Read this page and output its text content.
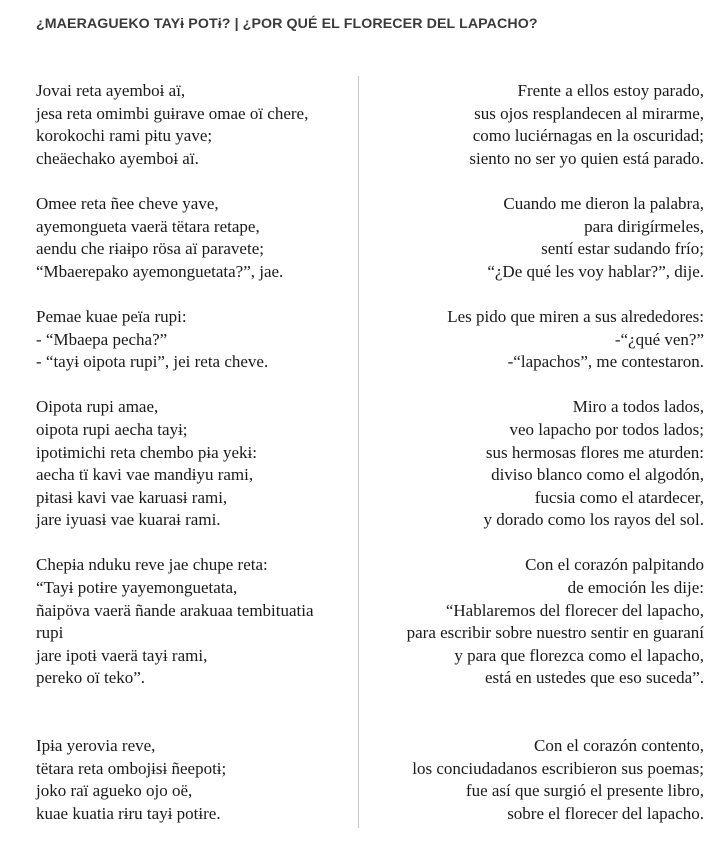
¿MAERAGUEKO TAYɨ POTɨ? | ¿POR QUÉ EL FLORECER DEL LAPACHO?
Jovai reta ayemboɨ aï,
jesa reta omimbi guɨrave omae oï chere,
korokochi rami pɨtu yave;
cheäechako ayemboɨ aï.
Omee reta ñee cheve yave,
ayemongueta vaerä tëtara retape,
aendu che rɨaɨpo rösa aï paravete;
“Mbaerepako ayemonguetata?”, jae.
Pemae kuae peïa rupi:
- “Mbaepa pecha?”
- “tayɨ oipota rupi”, jei reta cheve.
Oipota rupi amae,
oipota rupi aecha tayɨ;
ipotɨmichi reta chembo pɨa yekɨ:
aecha tï kavi vae mandɨyu rami,
pɨtasɨ kavi vae karuasɨ rami,
jare iyuasɨ vae kuaraɨ rami.
Chepɨa nduku reve jae chupe reta:
“Tayɨ potɨre yayemonguetata,
ñaipöva vaerä ñande arakuaa tembituatia
rupi
jare ipotɨ vaerä tayɨ rami,
pereko oï teko”.
Ipɨa yerovia reve,
tëtara reta ombojɨsɨ ñeepotɨ;
joko raï agueko ojo oë,
kuae kuatia rɨru tayɨ potɨre.
Frente a ellos estoy parado,
sus ojos resplandecen al mirarme,
como luciérnagas en la oscuridad;
siento no ser yo quien está parado.
Cuando me dieron la palabra,
para dirigírmeles,
sentí estar sudando frío;
“¿De qué les voy hablar?”, dije.
Les pido que miren a sus alrededores:
-“¿qué ven?”
-“lapachos”, me contestaron.
Miro a todos lados,
veo lapacho por todos lados;
sus hermosas flores me aturden:
diviso blanco como el algodón,
fucsia como el atardecer,
y dorado como los rayos del sol.
Con el corazón palpitando
de emoción les dije:
“Hablaremos del florecer del lapacho,
para escribir sobre nuestro sentir en guaraní
y para que florezca como el lapacho,
está en ustedes que eso suceda”.
Con el corazón contento,
los conciudadanos escribieron sus poemas;
fue así que surgió el presente libro,
sobre el florecer del lapacho.
